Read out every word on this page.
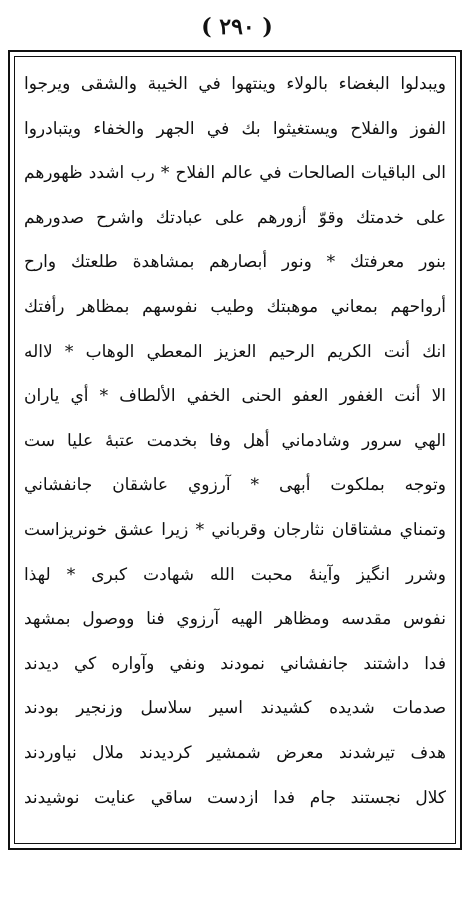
( ٢٩٠ )
ويبدلوا البغضاء بالولاء وينتهوا في الخيبة والشقى ويرجوا
الفوز والفلاح ويستغيثوا بك في الجهر والخفاء ويتبادروا
الى الباقيات الصالحات في عالم الفلاح * رب اشدد ظهورهم
على خدمتك وقوّ أزورهم على عبادتك واشرح صدورهم
بنور معرفتك * ونور أبصارهم بمشاهدة طلعتك وارح
أرواحهم بمعاني موهبتك وطيب نفوسهم بمظاهر رأفتك
انك أنت الكريم الرحيم العزيز المعطي الوهاب * لااله
الا أنت الغفور العفو الحنى الخفي الألطاف * أي ياران
الهي سرور وشادماني أهل وفا بخدمت عتبهٔ عليا ست
وتوجه بملكوت أبهى * آرزوي عاشقان جانفشاني
وتمناي مشتاقان نثارجان وقرباني * زيرا عشق خونريزاست
وشرر انگيز وآينهٔ محبت الله شهادت كبرى * لهذا
نفوس مقدسه ومظاهر الهيه آرزوي فنا ووصول بمشهد
فدا داشتند جانفشاني نمودند ونفي وآواره كي ديدند
صدمات شديده كشيدند اسير سلاسل وزنجير بودند
هدف تيرشدند معرض شمشير كرديدند ملال نياوردند
كلال نجستند جام فدا ازدست ساقي عنايت نوشيدند
